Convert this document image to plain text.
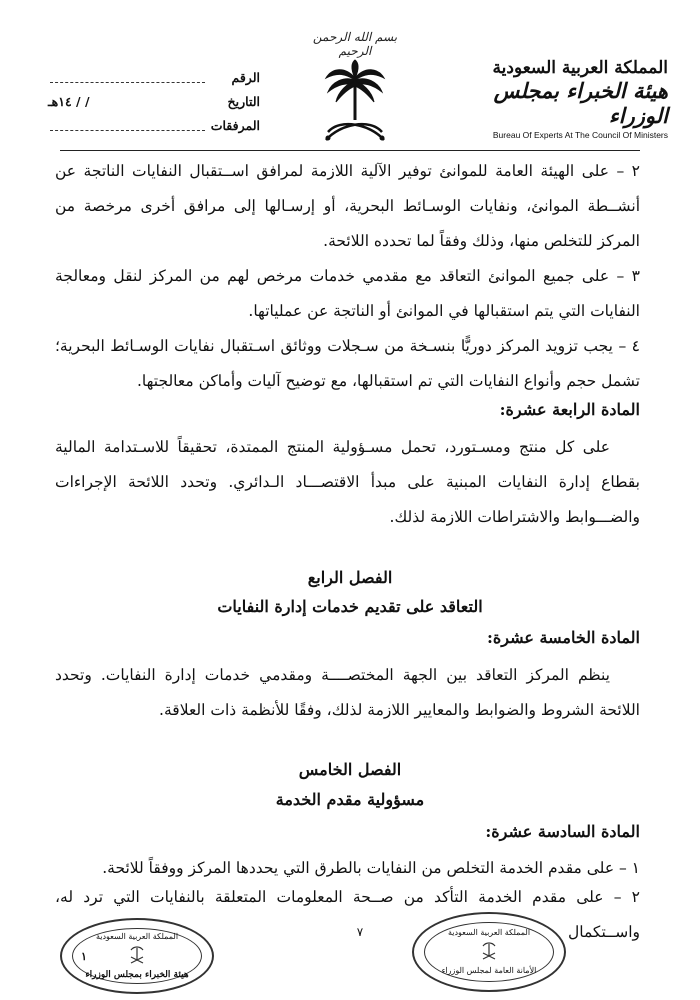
بسم الله الرحمن الرحيم
المملكة العربية السعودية
هيئة الخبراء بمجلس الوزراء
Bureau Of Experts At The Council Of Ministers
الرقم
التاريخ
/ / ١٤هـ
المرفقات
٢ – على الهيئة العامة للموانئ توفير الآلية اللازمة لمرافق اســتقبال النفايات الناتجة عن أنشــطة الموانئ، ونفايات الوسـائط البحرية، أو إرسـالها إلى مرافق أخرى مرخصة من المركز للتخلص منها، وذلك وفقاً لما تحدده اللائحة.
٣ – على جميع الموانئ التعاقد مع مقدمي خدمات مرخص لهم من المركز لنقل ومعالجة النفايات التي يتم استقبالها في الموانئ أو الناتجة عن عملياتها.
٤ – يجب تزويد المركز دوريًّا بنسـخة من سـجلات ووثائق اسـتقبال نفايات الوسـائط البحرية؛ تشمل حجم وأنواع النفايات التي تم استقبالها، مع توضيح آليات وأماكن معالجتها.
المادة الرابعة عشرة:
على كل منتج ومسـتورد، تحمل مسـؤولية المنتج الممتدة، تحقيقاً للاسـتدامة المالية بقطاع إدارة النفايات المبنية على مبدأ الاقتصـــاد الـدائري. وتحدد اللائحة الإجراءات والضـــوابط والاشتراطات اللازمة لذلك.
الفصل الرابع
التعاقد على تقديم خدمات إدارة النفايات
المادة الخامسة عشرة:
ينظم المركز التعاقد بين الجهة المختصــــة ومقدمي خدمات إدارة النفايات. وتحدد اللائحة الشروط والضوابط والمعايير اللازمة لذلك، وفقًا للأنظمة ذات العلاقة.
الفصل الخامس
مسؤولية مقدم الخدمة
المادة السادسة عشرة:
١ – على مقدم الخدمة التخلص من النفايات بالطرق التي يحددها المركز ووفقاً للائحة.
٢ – على مقدم الخدمة التأكد من صــحة المعلومات المتعلقة بالنفايات التي ترد له، واســتكمال
٧
المملكة العربية السعودية
١
هيئة الخبراء بمجلس الوزراء
المملكة العربية السعودية
الأمانة العامة لمجلس الوزراء
